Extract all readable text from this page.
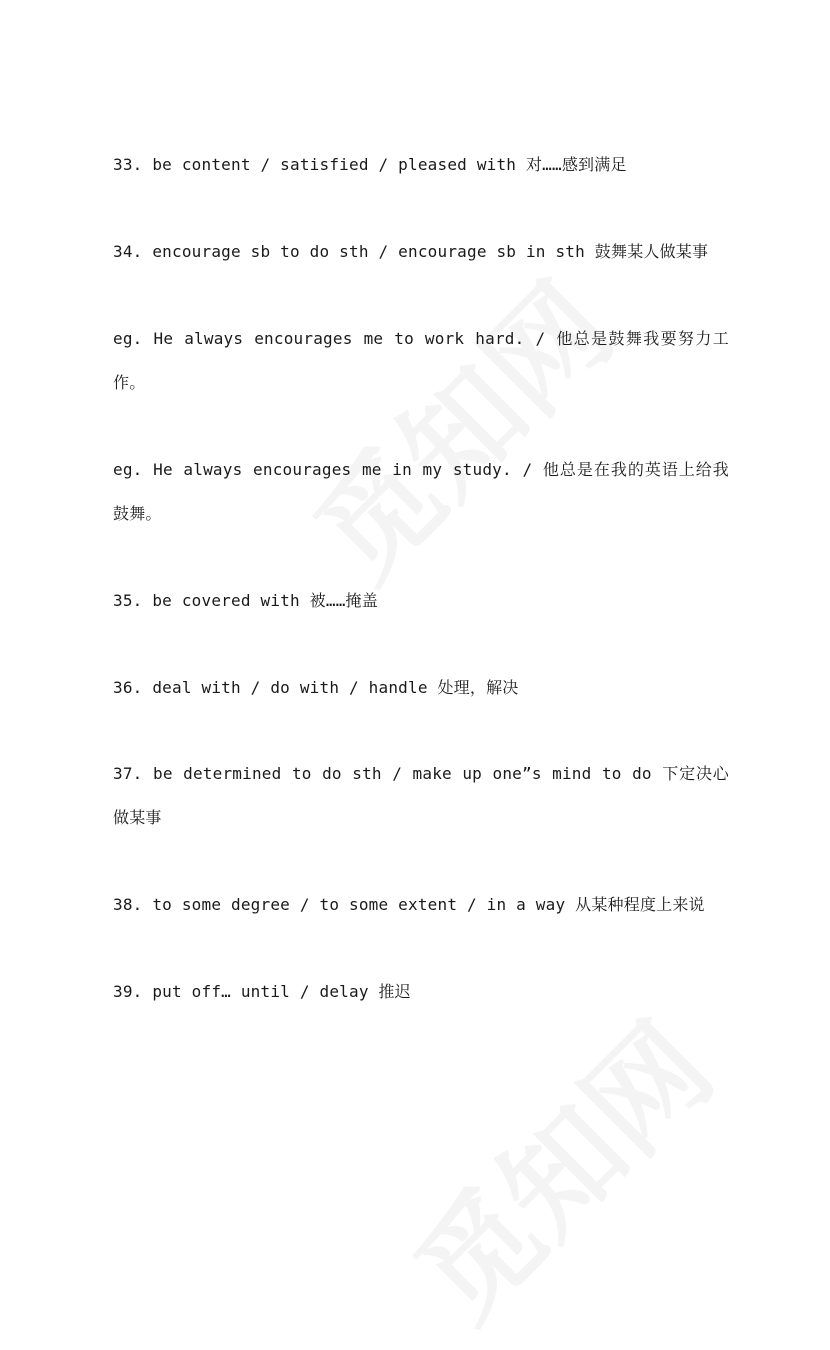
33. be content / satisfied / pleased with 对……感到满足
34. encourage sb to do sth / encourage sb in sth 鼓舞某人做某事
eg. He always encourages me to work hard. / 他总是鼓舞我要努力工作。
eg. He always encourages me in my study. / 他总是在我的英语上给我鼓舞。
35. be covered with 被……掩盖
36. deal with / do with / handle 处理，解决
37. be determined to do sth / make up one”s mind to do 下定决心做某事
38. to some degree / to some extent / in a way 从某种程度上来说
39. put off… until / delay 推迟
